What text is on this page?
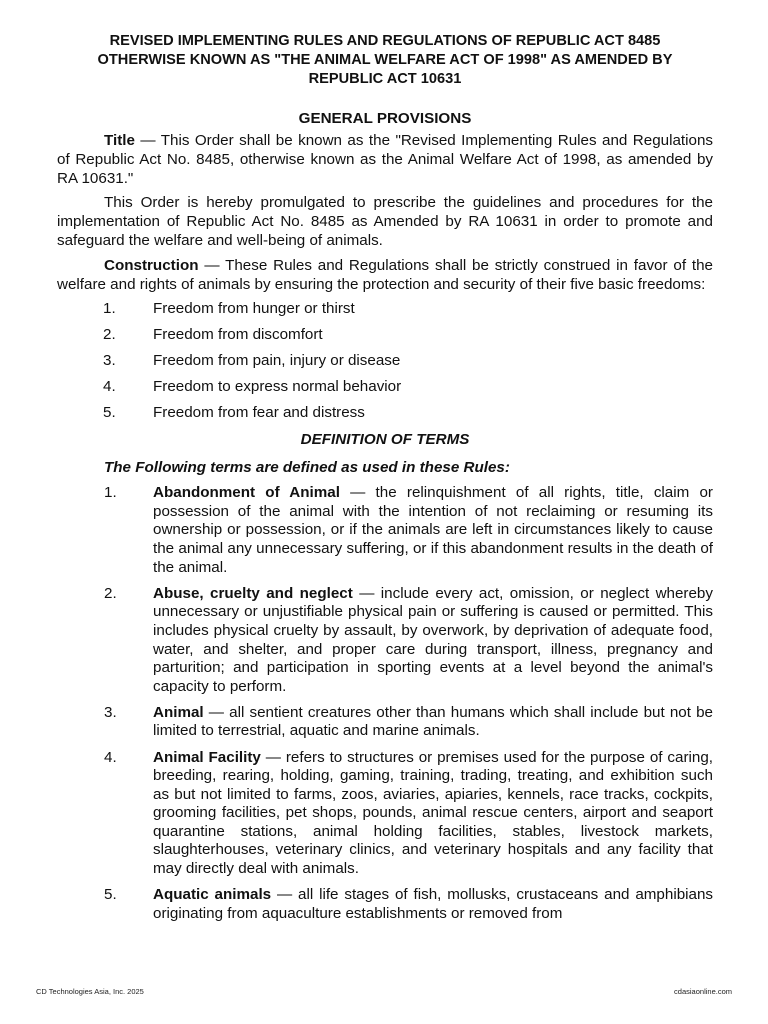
REVISED IMPLEMENTING RULES AND REGULATIONS OF REPUBLIC ACT 8485
OTHERWISE KNOWN AS "THE ANIMAL WELFARE ACT OF 1998" AS AMENDED BY
REPUBLIC ACT 10631
GENERAL PROVISIONS

Title — This Order shall be known as the "Revised Implementing Rules and Regulations of Republic Act No. 8485, otherwise known as the Animal Welfare Act of 1998, as amended by RA 10631."

This Order is hereby promulgated to prescribe the guidelines and procedures for the implementation of Republic Act No. 8485 as Amended by RA 10631 in order to promote and safeguard the welfare and well-being of animals.

Construction — These Rules and Regulations shall be strictly construed in favor of the welfare and rights of animals by ensuring the protection and security of their five basic freedoms:

1.	Freedom from hunger or thirst
2.	Freedom from discomfort
3.	Freedom from pain, injury or disease
4.	Freedom to express normal behavior
5.	Freedom from fear and distress
DEFINITION OF TERMS
The Following terms are defined as used in these Rules:
1.	Abandonment of Animal — the relinquishment of all rights, title, claim or possession of the animal with the intention of not reclaiming or resuming its ownership or possession, or if the animals are left in circumstances likely to cause the animal any unnecessary suffering, or if this abandonment results in the death of the animal.
2.	Abuse, cruelty and neglect — include every act, omission, or neglect whereby unnecessary or unjustifiable physical pain or suffering is caused or permitted. This includes physical cruelty by assault, by overwork, by deprivation of adequate food, water, and shelter, and proper care during transport, illness, pregnancy and parturition; and participation in sporting events at a level beyond the animal's capacity to perform.
3.	Animal — all sentient creatures other than humans which shall include but not be limited to terrestrial, aquatic and marine animals.
4.	Animal Facility — refers to structures or premises used for the purpose of caring, breeding, rearing, holding, gaming, training, trading, treating, and exhibition such as but not limited to farms, zoos, aviaries, apiaries, kennels, race tracks, cockpits, grooming facilities, pet shops, pounds, animal rescue centers, airport and seaport quarantine stations, animal holding facilities, stables, livestock markets, slaughterhouses, veterinary clinics, and veterinary hospitals and any facility that may directly deal with animals.
5.	Aquatic animals — all life stages of fish, mollusks, crustaceans and amphibians originating from aquaculture establishments or removed from
CD Technologies Asia, Inc. 2025	cdasiaonline.com
